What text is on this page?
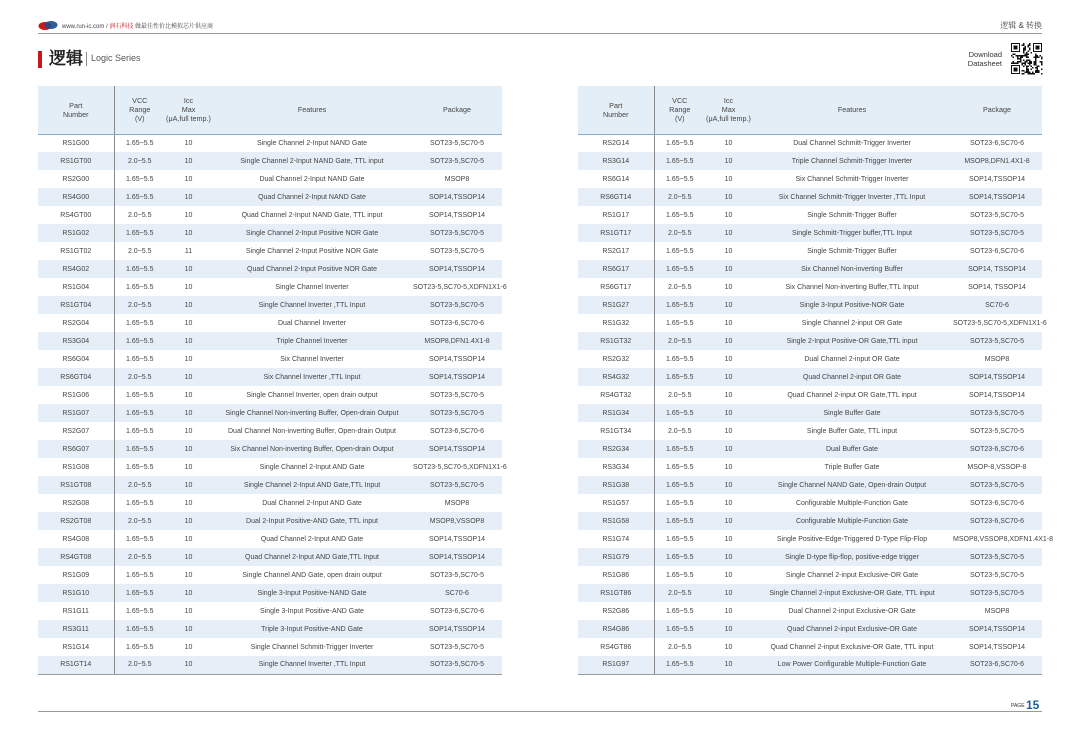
www.run-ic.com / 润石科技 做最佳性价比模拟芯片供应商	逻辑 & 转换
逻辑 Logic Series	Download
Datasheet
Part
Number	VCC
Range
(V)	Icc
Max
(μA,full temp.)	Features	Package
RS1G00	1.65~5.5	10	Single Channel 2-Input NAND Gate	SOT23-5,SC70-5
RS1GT00	2.0~5.5	10	Single Channel 2-Input NAND Gate, TTL input	SOT23-5,SC70-5
RS2G00	1.65~5.5	10	Dual Channel 2-Input NAND Gate	MSOP8
RS4G00	1.65~5.5	10	Quad Channel 2-Input NAND Gate	SOP14,TSSOP14
RS4GT00	2.0~5.5	10	Quad Channel 2-Input NAND Gate, TTL input	SOP14,TSSOP14
RS1G02	1.65~5.5	10	Single Channel 2-Input Positive NOR Gate	SOT23-5,SC70-5
RS1GT02	2.0~5.5	11	Single Channel 2-Input Positive NOR Gate	SOT23-5,SC70-5
RS4G02	1.65~5.5	10	Quad Channel 2-Input Positive NOR Gate	SOP14,TSSOP14
RS1G04	1.65~5.5	10	Single Channel Inverter	SOT23-5,SC70-5,XDFN1X1-6
RS1GT04	2.0~5.5	10	Single Channel Inverter ,TTL Input	SOT23-5,SC70-5
RS2G04	1.65~5.5	10	Dual Channel Inverter	SOT23-6,SC70-6
RS3G04	1.65~5.5	10	Triple Channel Inverter	MSOP8,DFN1.4X1-8
RS6G04	1.65~5.5	10	Six Channel Inverter	SOP14,TSSOP14
RS6GT04	2.0~5.5	10	Six Channel Inverter ,TTL Input	SOP14,TSSOP14
RS1G06	1.65~5.5	10	Single Channel Inverter, open drain output	SOT23-5,SC70-5
RS1G07	1.65~5.5	10	Single Channel Non-inverting Buffer, Open-drain Output	SOT23-5,SC70-5
RS2G07	1.65~5.5	10	Dual Channel Non-inverting Buffer, Open-drain Output	SOT23-6,SC70-6
RS6G07	1.65~5.5	10	Six Channel Non-inverting Buffer, Open-drain Output	SOP14,TSSOP14
RS1G08	1.65~5.5	10	Single Channel 2-Input AND Gate	SOT23-5,SC70-5,XDFN1X1-6
RS1GT08	2.0~5.5	10	Single Channel 2-Input AND Gate,TTL Input	SOT23-5,SC70-5
RS2G08	1.65~5.5	10	Dual Channel 2-Input AND Gate	MSOP8
RS2GT08	2.0~5.5	10	Dual 2-Input Positive-AND Gate, TTL input	MSOP8,VSSOP8
RS4G08	1.65~5.5	10	Quad Channel 2-Input AND Gate	SOP14,TSSOP14
RS4GT08	2.0~5.5	10	Quad Channel 2-Input AND Gate,TTL Input	SOP14,TSSOP14
RS1G09	1.65~5.5	10	Single Channel AND Gate, open drain output	SOT23-5,SC70-5
RS1G10	1.65~5.5	10	Single 3-Input Positive-NAND Gate	SC70-6
RS1G11	1.65~5.5	10	Single 3-Input Positive-AND Gate	SOT23-6,SC70-6
RS3G11	1.65~5.5	10	Triple 3-Input Positive-AND Gate	SOP14,TSSOP14
RS1G14	1.65~5.5	10	Single Channel Schmitt-Trigger Inverter	SOT23-5,SC70-5
RS1GT14	2.0~5.5	10	Single Channel Inverter ,TTL Input	SOT23-5,SC70-5
Part
Number	VCC
Range
(V)	Icc
Max
(μA,full temp.)	Features	Package
RS2G14	1.65~5.5	10	Dual Channel Schmitt-Trigger Inverter	SOT23-6,SC70-6
RS3G14	1.65~5.5	10	Triple Channel Schmitt-Trigger Inverter	MSOP8,DFN1.4X1-8
RS6G14	1.65~5.5	10	Six Channel Schmitt-Trigger Inverter	SOP14,TSSOP14
RS6GT14	2.0~5.5	10	Six Channel Schmitt-Trigger Inverter ,TTL Input	SOP14,TSSOP14
RS1G17	1.65~5.5	10	Single Schmitt-Trigger Buffer	SOT23-5,SC70-5
RS1GT17	2.0~5.5	10	Single Schmitt-Trigger buffer,TTL Input	SOT23-5,SC70-5
RS2G17	1.65~5.5	10	Single Schmitt-Trigger Buffer	SOT23-6,SC70-6
RS6G17	1.65~5.5	10	Six Channel Non-inverting Buffer	SOP14, TSSOP14
RS6GT17	2.0~5.5	10	Six Channel Non-inverting Buffer,TTL Input	SOP14, TSSOP14
RS1G27	1.65~5.5	10	Single 3-Input Positive-NOR Gate	SC70-6
RS1G32	1.65~5.5	10	Single Channel 2-input OR Gate	SOT23-5,SC70-5,XDFN1X1-6
RS1GT32	2.0~5.5	10	Single 2-Input Positive-OR Gate,TTL input	SOT23-5,SC70-5
RS2G32	1.65~5.5	10	Dual Channel 2-input OR Gate	MSOP8
RS4G32	1.65~5.5	10	Quad Channel 2-input OR Gate	SOP14,TSSOP14
RS4GT32	2.0~5.5	10	Quad Channel 2-input OR Gate,TTL input	SOP14,TSSOP14
RS1G34	1.65~5.5	10	Single Buffer Gate	SOT23-5,SC70-5
RS1GT34	2.0~5.5	10	Single Buffer Gate, TTL input	SOT23-5,SC70-5
RS2G34	1.65~5.5	10	Dual Buffer Gate	SOT23-6,SC70-6
RS3G34	1.65~5.5	10	Triple Buffer Gate	MSOP-8,VSSOP-8
RS1G38	1.65~5.5	10	Single Channel NAND Gate, Open-drain Output	SOT23-5,SC70-5
RS1G57	1.65~5.5	10	Configurable Multiple-Function Gate	SOT23-6,SC70-6
RS1G58	1.65~5.5	10	Configurable Multiple-Function Gate	SOT23-6,SC70-6
RS1G74	1.65~5.5	10	Single Positive-Edge-Triggered D-Type Flip-Flop	MSOP8,VSSOP8,XDFN1.4X1-8
RS1G79	1.65~5.5	10	Single D-type flip-flop, positive-edge trigger	SOT23-5,SC70-5
RS1G86	1.65~5.5	10	Single Channel 2-input Exclusive-OR Gate	SOT23-5,SC70-5
RS1GT86	2.0~5.5	10	Single Channel 2-input Exclusive-OR Gate, TTL input	SOT23-5,SC70-5
RS2G86	1.65~5.5	10	Dual Channel 2-input Exclusive-OR Gate	MSOP8
RS4G86	1.65~5.5	10	Quad Channel 2-input Exclusive-OR Gate	SOP14,TSSOP14
RS4GT86	2.0~5.5	10	Quad Channel 2-input Exclusive-OR Gate, TTL input	SOP14,TSSOP14
RS1G97	1.65~5.5	10	Low Power Configurable Multiple-Function Gate	SOT23-6,SC70-6
PAGE 15
